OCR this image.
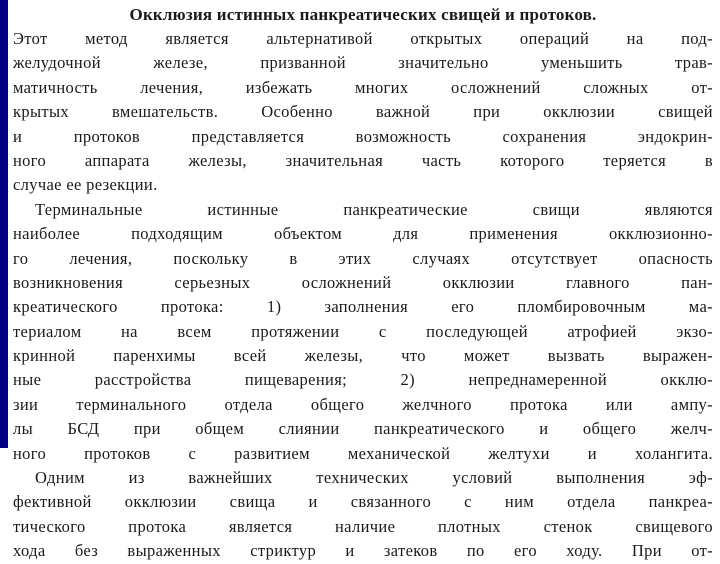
Окклюзия истинных панкреатических свищей и протоков.
Этот метод является альтернативой открытых операций на под-
желудочной железе, призванной значительно уменьшить трав-
матичность лечения, избежать многих осложнений сложных от-
крытых вмешательств. Особенно важной при окклюзии свищей
и протоков представляется возможность сохранения эндокрин-
ного аппарата железы, значительная часть которого теряется в
случае ее резекции.
Терминальные истинные панкреатические свищи являются
наиболее подходящим объектом для применения окклюзионно-
го лечения, поскольку в этих случаях отсутствует опасность
возникновения серьезных осложнений окклюзии главного пан-
креатического протока: 1) заполнения его пломбировочным ма-
териалом на всем протяжении с последующей атрофией экзо-
кринной паренхимы всей железы, что может вызвать выражен-
ные расстройства пищеварения; 2) непреднамеренной окклю-
зии терминального отдела общего желчного протока или ампу-
лы БСД при общем слиянии панкреатического и общего желч-
ного протоков с развитием механической желтухи и холангита.
Одним из важнейших технических условий выполнения эф-
фективной окклюзии свища и связанного с ним отдела панкреа-
тического протока является наличие плотных стенок свищевого
хода без выраженных стриктур и затеков по его ходу. При от-
